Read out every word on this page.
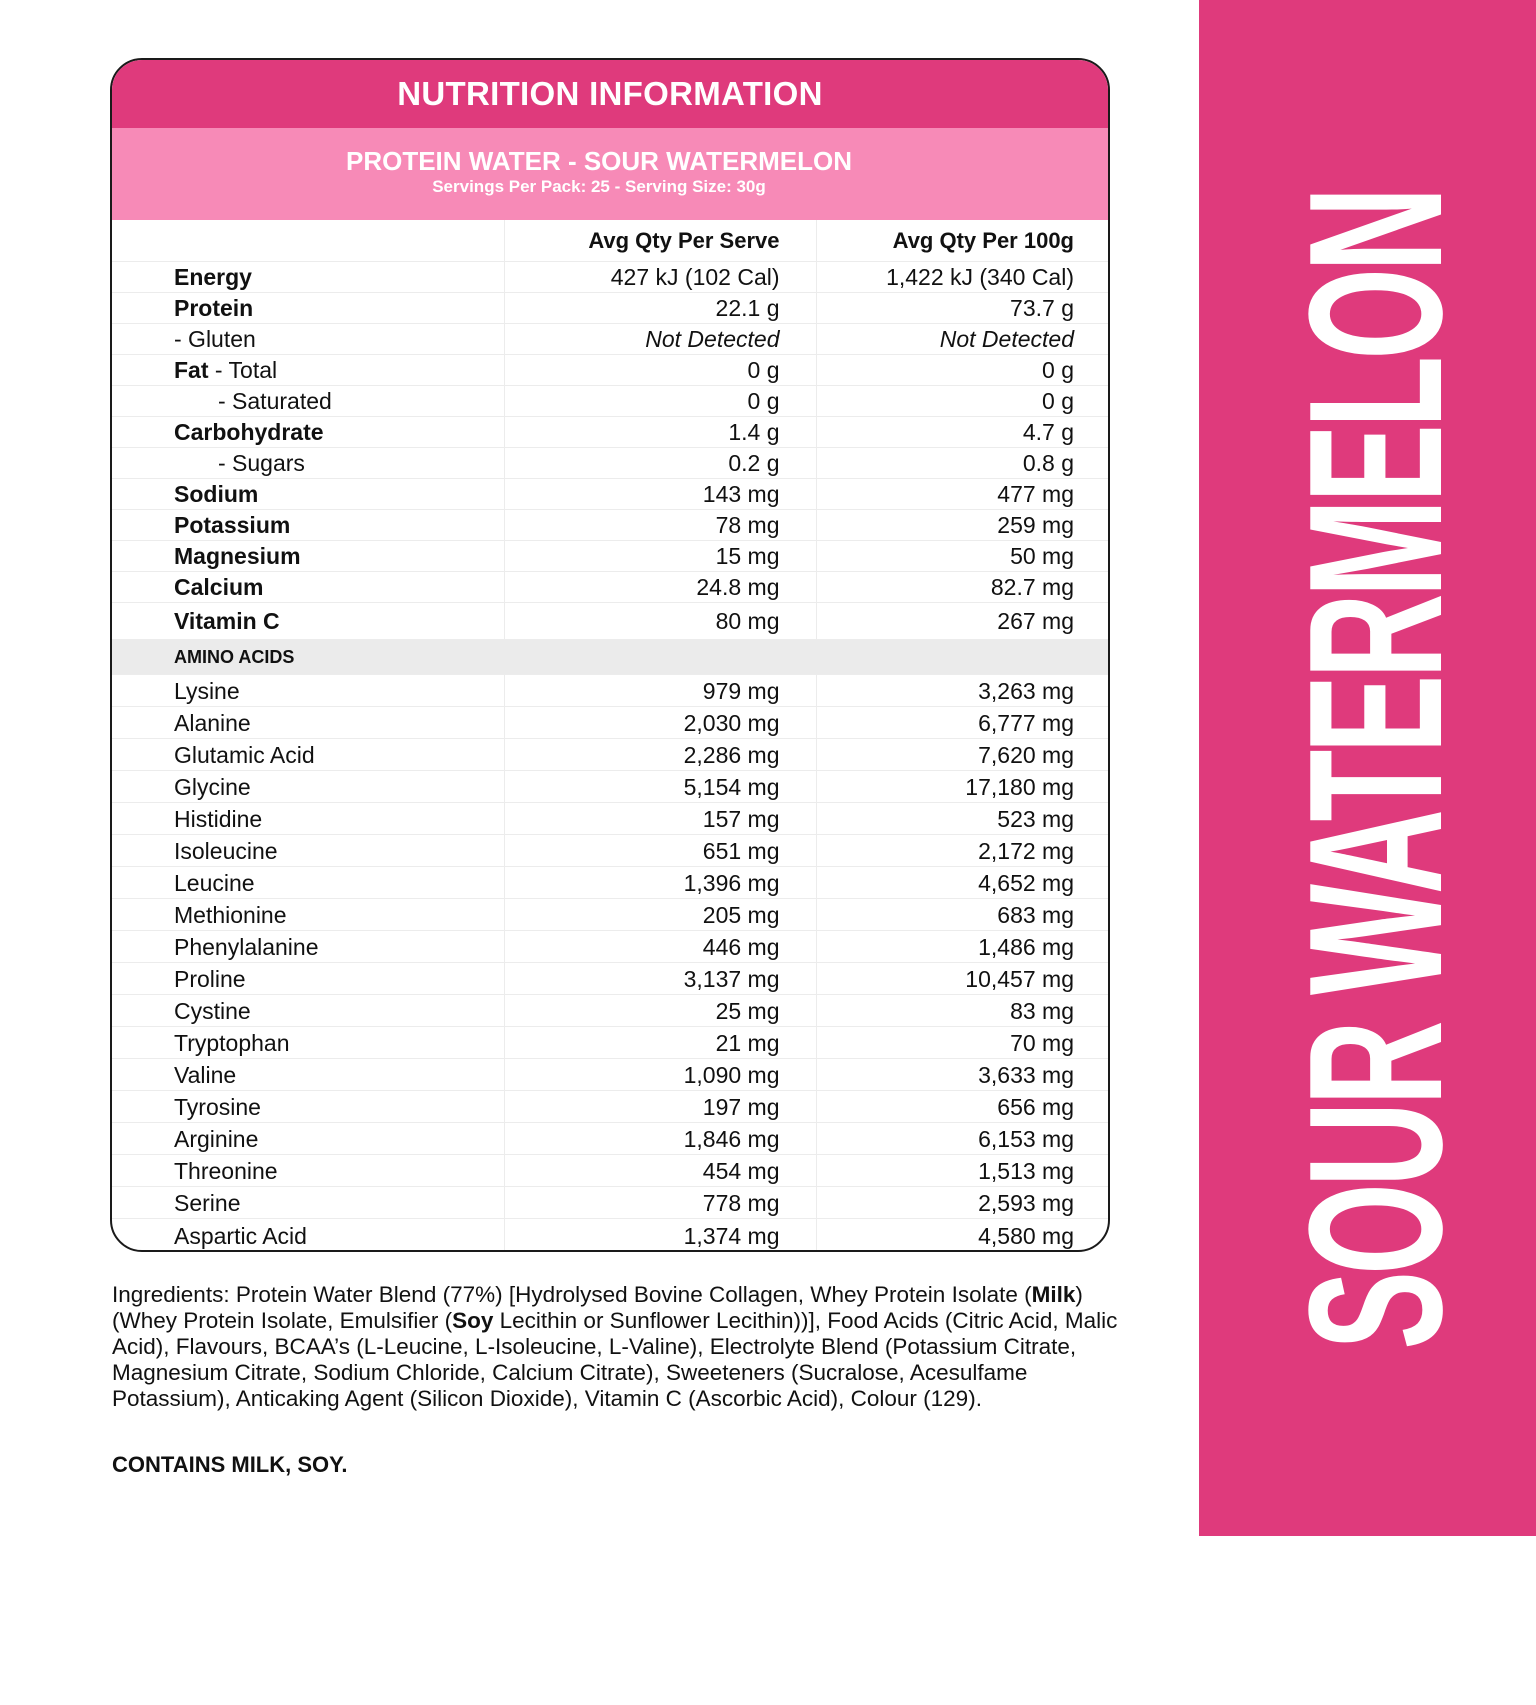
NUTRITION INFORMATION
PROTEIN WATER - SOUR WATERMELON
Servings Per Pack: 25 - Serving Size: 30g
	Avg Qty Per Serve	Avg Qty Per 100g
Energy	427 kJ (102 Cal)	1,422 kJ (340 Cal)
Protein	22.1 g	73.7 g
- Gluten	Not Detected	Not Detected
Fat - Total	0 g	0 g
- Saturated	0 g	0 g
Carbohydrate	1.4 g	4.7 g
- Sugars	0.2 g	0.8 g
Sodium	143 mg	477 mg
Potassium	78 mg	259 mg
Magnesium	15 mg	50 mg
Calcium	24.8 mg	82.7 mg
Vitamin C	80 mg	267 mg
AMINO ACIDS		
Lysine	979 mg	3,263 mg
Alanine	2,030 mg	6,777 mg
Glutamic Acid	2,286 mg	7,620 mg
Glycine	5,154 mg	17,180 mg
Histidine	157 mg	523 mg
Isoleucine	651 mg	2,172 mg
Leucine	1,396 mg	4,652 mg
Methionine	205 mg	683 mg
Phenylalanine	446 mg	1,486 mg
Proline	3,137 mg	10,457 mg
Cystine	25 mg	83 mg
Tryptophan	21 mg	70 mg
Valine	1,090 mg	3,633 mg
Tyrosine	197 mg	656 mg
Arginine	1,846 mg	6,153 mg
Threonine	454 mg	1,513 mg
Serine	778 mg	2,593 mg
Aspartic Acid	1,374 mg	4,580 mg
Ingredients: Protein Water Blend (77%) [Hydrolysed Bovine Collagen, Whey Protein Isolate (Milk) (Whey Protein Isolate, Emulsifier (Soy Lecithin or Sunflower Lecithin))], Food Acids (Citric Acid, Malic Acid), Flavours, BCAA’s (L-Leucine, L-Isoleucine, L-Valine), Electrolyte Blend (Potassium Citrate, Magnesium Citrate, Sodium Chloride, Calcium Citrate), Sweeteners (Sucralose, Acesulfame Potassium), Anticaking Agent (Silicon Dioxide), Vitamin C (Ascorbic Acid), Colour (129).
CONTAINS MILK, SOY.
SOUR WATERMELON
